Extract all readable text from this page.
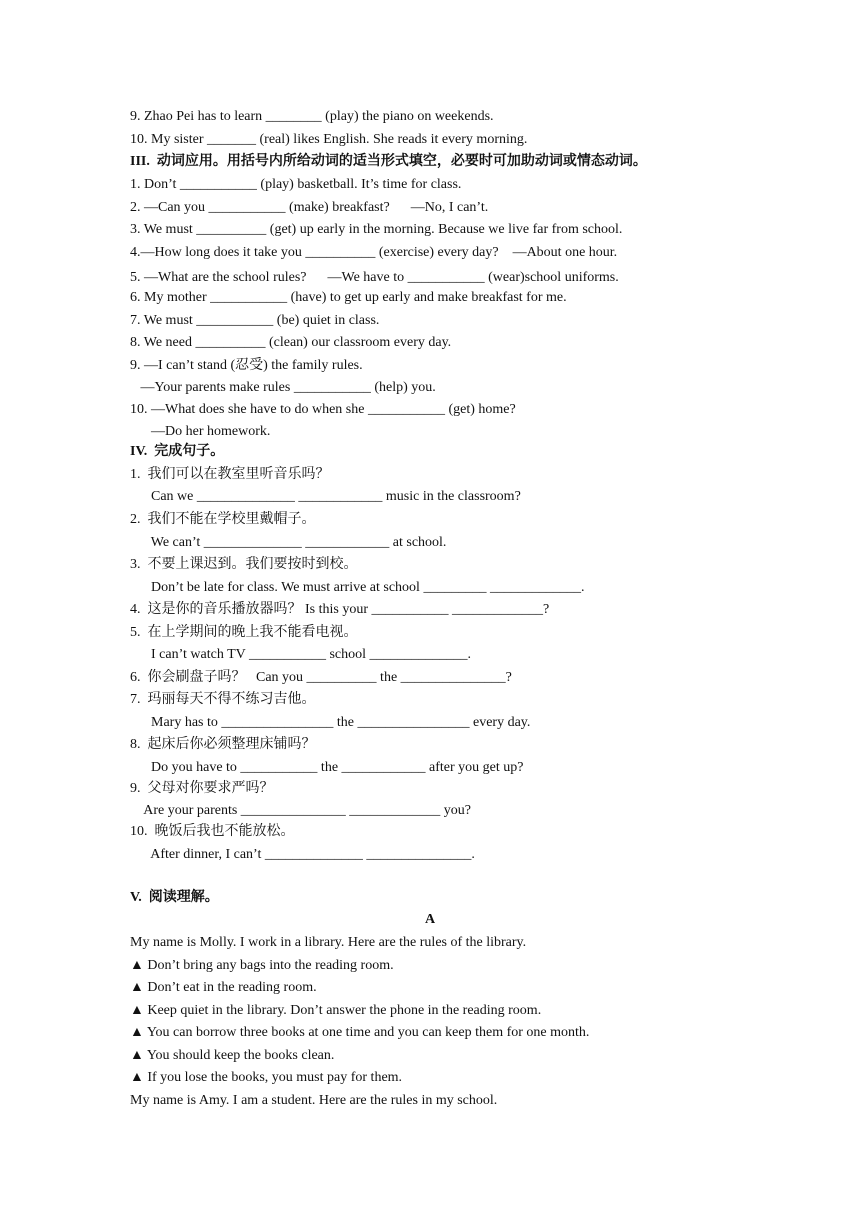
9. Zhao Pei has to learn ________ (play) the piano on weekends.
10. My sister _______ (real) likes English. She reads it every morning.
III.  动词应用。用括号内所给动词的适当形式填空，必要时可加助动词或情态动词。
1. Don’t ___________ (play) basketball. It’s time for class.
2. —Can you ___________ (make) breakfast?      —No, I can’t.
3. We must __________ (get) up early in the morning. Because we live far from school.
4.—How long does it take you __________ (exercise) every day?    —About one hour.
5. —What are the school rules?      —We have to ___________ (wear)school uniforms.
6. My mother ___________ (have) to get up early and make breakfast for me.
7. We must ___________ (be) quiet in class.
8. We need __________ (clean) our classroom every day.
9. —I can’t stand (忍受) the family rules.
—Your parents make rules ___________ (help) you.
10. —What does she have to do when she ___________ (get) home?
—Do her homework.
IV.  完成句子。
1.  我们可以在教室里听音乐吗？
Can we ______________ ____________ music in the classroom?
2.  我们不能在学校里戴帽子。
We can’t ______________ ____________ at school.
3.  不要上课迟到。我们要按时到校。
Don’t be late for class. We must arrive at school _________ _____________.
4.  这是你的音乐播放器吗？ Is this your ___________ _____________?
5.  在上学期间的晚上我不能看电视。
I can’t watch TV ___________ school ______________.
6.  你会刷盘子吗？   Can you __________ the _______________?
7.  玛丽每天不得不练习吉他。
Mary has to ________________ the ________________ every day.
8.  起床后你必须整理床铺吗？
Do you have to ___________ the ____________ after you get up?
9.  父母对你要求严吗？
Are your parents _______________ _____________ you?
10.  晚饭后我也不能放松。
After dinner, I can’t ______________ _______________.
V.  阅读理解。
A
My name is Molly. I work in a library. Here are the rules of the library.
▲ Don’t bring any bags into the reading room.
▲ Don’t eat in the reading room.
▲ Keep quiet in the library. Don’t answer the phone in the reading room.
▲ You can borrow three books at one time and you can keep them for one month.
▲ You should keep the books clean.
▲ If you lose the books, you must pay for them.
My name is Amy. I am a student. Here are the rules in my school.
